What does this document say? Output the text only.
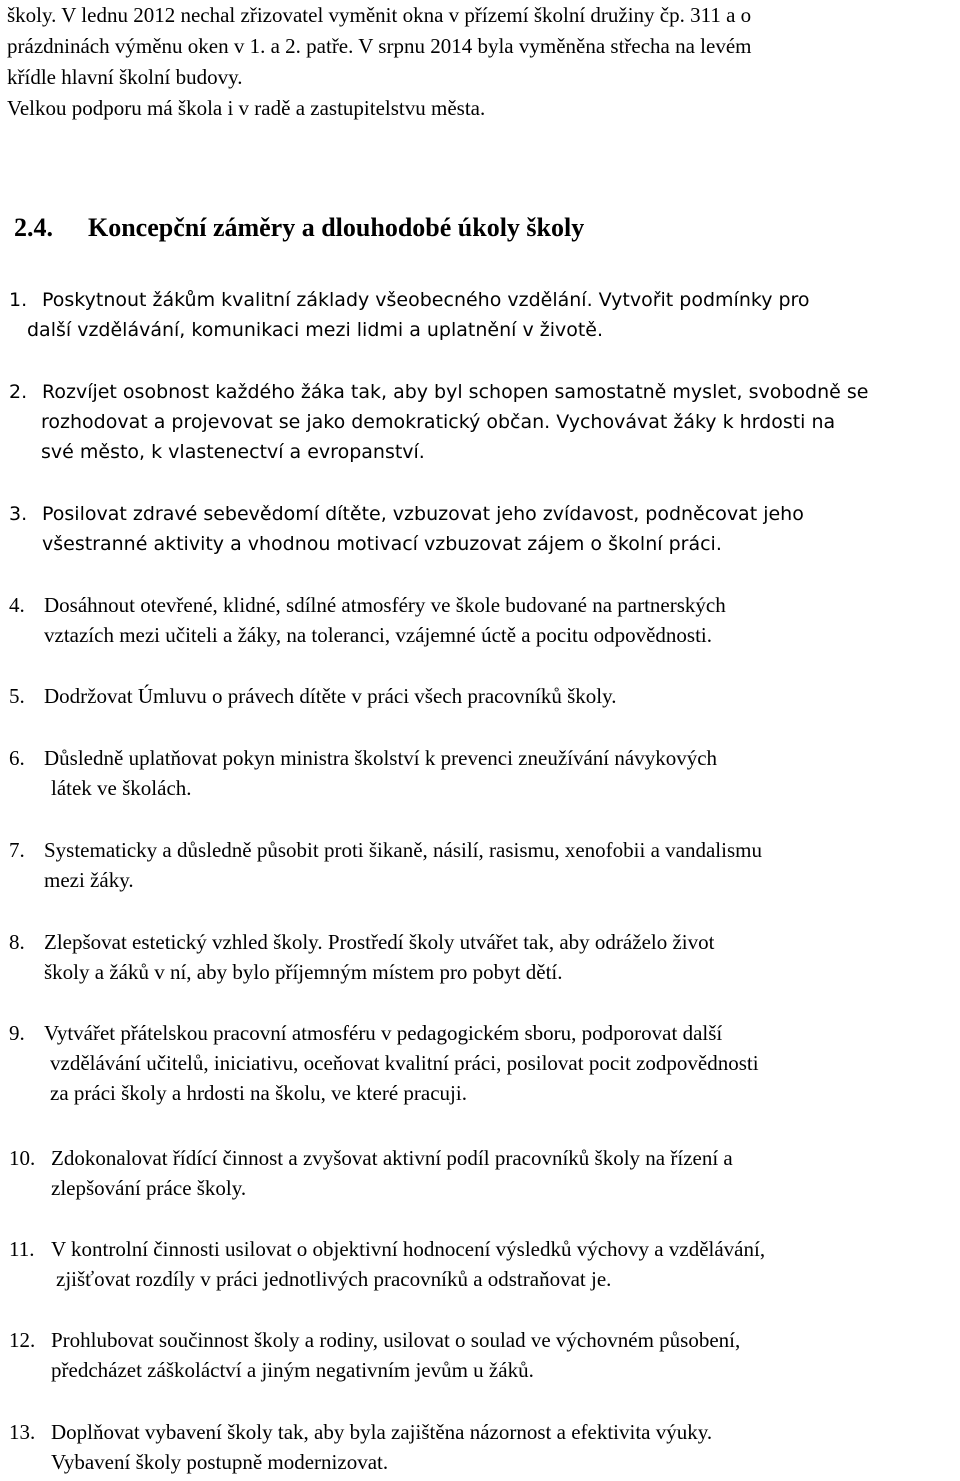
školy. V lednu 2012 nechal zřizovatel vyměnit okna v přízemí školní družiny čp. 311 a o
prázdninách výměnu oken v 1. a 2. patře. V srpnu 2014 byla vyměněna střecha na levém
křídle hlavní školní budovy.
Velkou podporu má škola i v radě a zastupitelstvu města.
2.4. Koncepční záměry a dlouhodobé úkoly školy
1. Poskytnout žákům kvalitní základy všeobecného vzdělání. Vytvořit podmínky pro
další vzdělávání, komunikaci mezi lidmi a uplatnění v životě.
2. Rozvíjet osobnost každého žáka tak, aby byl schopen samostatně myslet, svobodně se
rozhodovat a projevovat se jako demokratický občan. Vychovávat žáky k hrdosti na
své město, k vlastenectví a evropanství.
3. Posilovat zdravé sebevědomí dítěte, vzbuzovat jeho zvídavost, podněcovat jeho
všestranné aktivity a vhodnou motivací vzbuzovat zájem o školní práci.
4. Dosáhnout otevřené, klidné, sdílné atmosféry ve škole budované na partnerských
vztazích mezi učiteli a žáky, na toleranci, vzájemné úctě a pocitu odpovědnosti.
5. Dodržovat Úmluvu o právech dítěte v práci všech pracovníků školy.
6. Důsledně uplatňovat pokyn ministra školství k prevenci zneužívání návykových
látek ve školách.
7. Systematicky a důsledně působit proti šikaně, násilí, rasismu, xenofobii a vandalismu
mezi žáky.
8. Zlepšovat estetický vzhled školy. Prostředí školy utvářet tak, aby odráželo život
školy a žáků v ní, aby bylo příjemným místem pro pobyt dětí.
9. Vytvářet přátelskou pracovní atmosféru v pedagogickém sboru, podporovat další
vzdělávání učitelů, iniciativu, oceňovat kvalitní práci, posilovat pocit zodpovědnosti
za práci školy a hrdosti na školu, ve které pracuji.
10. Zdokonalovat řídící činnost a zvyšovat aktivní podíl pracovníků školy na řízení a
zlepšování práce školy.
11. V kontrolní činnosti usilovat o objektivní hodnocení výsledků výchovy a vzdělávání,
zjišťovat rozdíly v práci jednotlivých pracovníků a odstraňovat je.
12. Prohlubovat součinnost školy a rodiny, usilovat o soulad ve výchovném působení,
předcházet záškoláctví a jiným negativním jevům u žáků.
13. Doplňovat vybavení školy tak, aby byla zajištěna názornost a efektivita výuky.
Vybavení školy postupně modernizovat.
